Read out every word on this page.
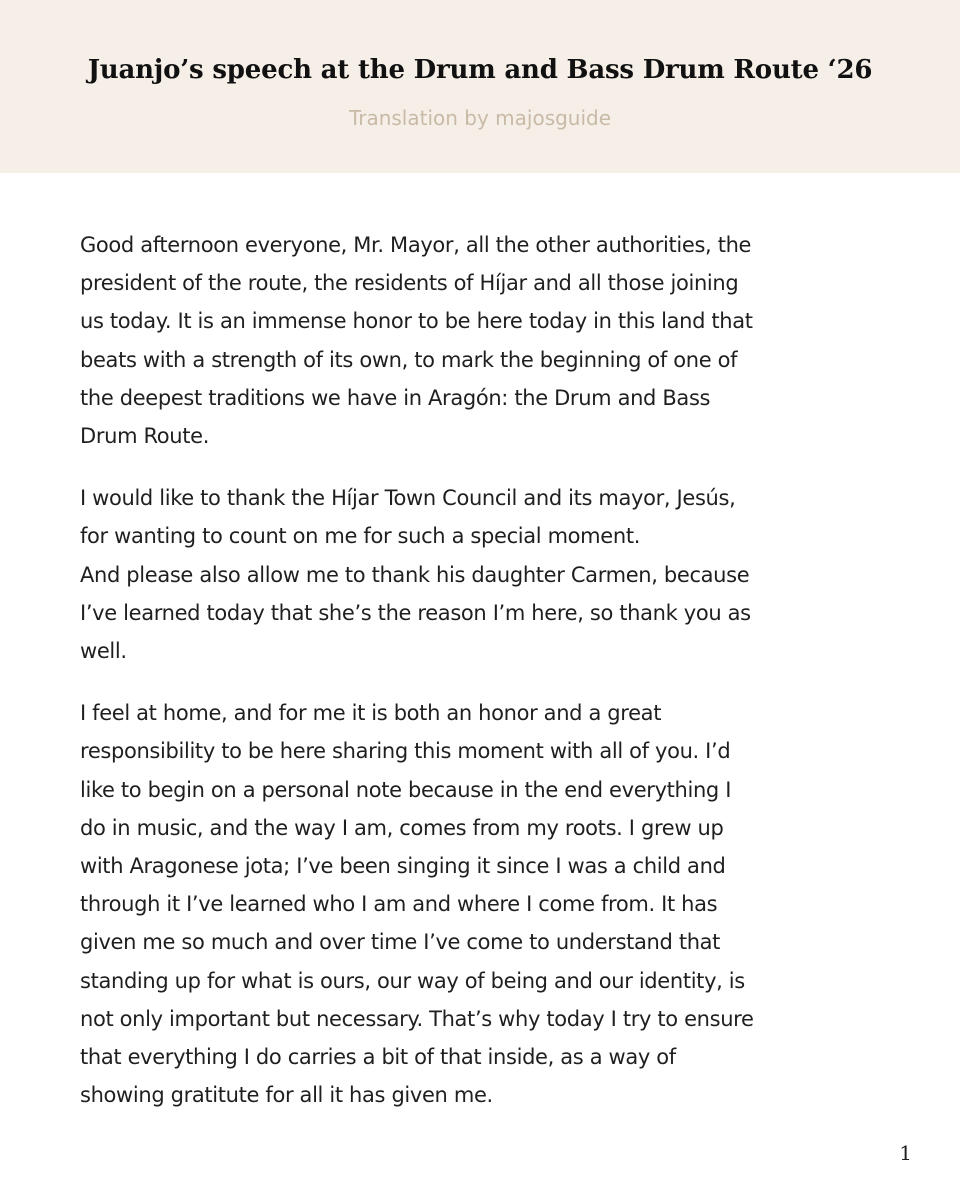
Juanjo’s speech at the Drum and Bass Drum Route ‘26

Translation by majosguide

Good afternoon everyone, Mr. Mayor, all the other authorities, the
president of the route, the residents of Híjar and all those joining
us today. It is an immense honor to be here today in this land that
beats with a strength of its own, to mark the beginning of one of
the deepest traditions we have in Aragón: the Drum and Bass
Drum Route.

I would like to thank the Híjar Town Council and its mayor, Jesús,
for wanting to count on me for such a special moment.
And please also allow me to thank his daughter Carmen, because
I’ve learned today that she’s the reason I’m here, so thank you as
well.

I feel at home, and for me it is both an honor and a great
responsibility to be here sharing this moment with all of you. I’d
like to begin on a personal note because in the end everything I
do in music, and the way I am, comes from my roots. I grew up
with Aragonese jota; I’ve been singing it since I was a child and
through it I’ve learned who I am and where I come from. It has
given me so much and over time I’ve come to understand that
standing up for what is ours, our way of being and our identity, is
not only important but necessary. That’s why today I try to ensure
that everything I do carries a bit of that inside, as a way of
showing gratitute for all it has given me.

1
